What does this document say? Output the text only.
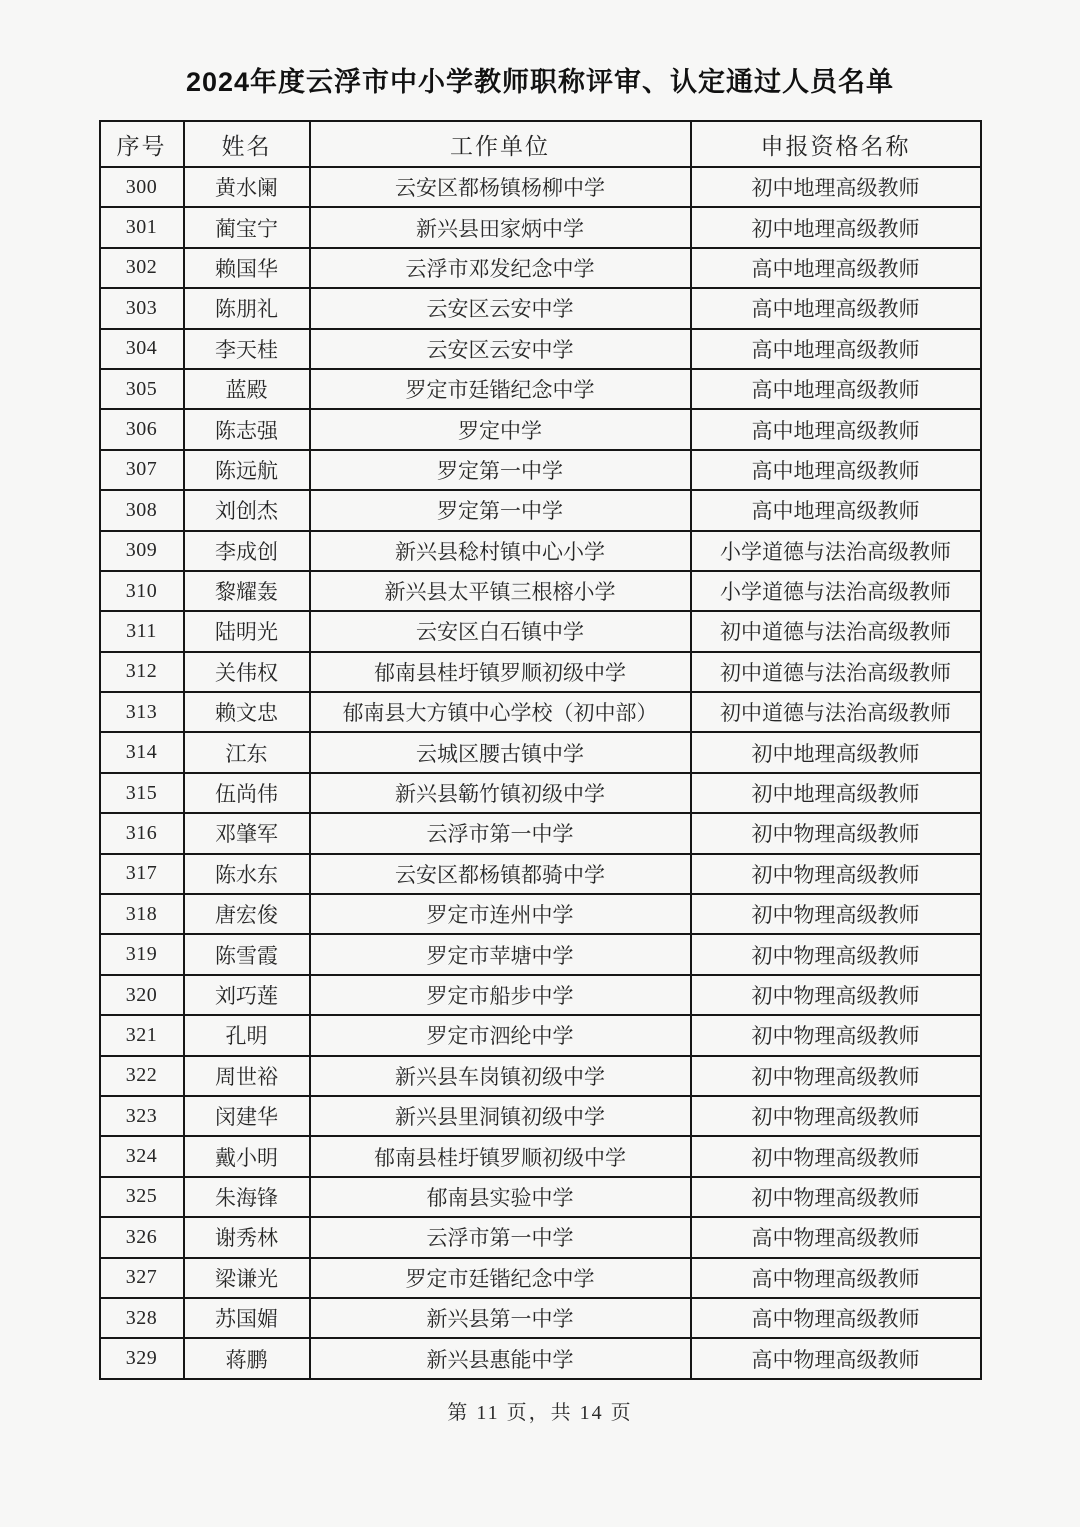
2024年度云浮市中小学教师职称评审、认定通过人员名单
序号	姓名	工作单位	申报资格名称
300	黄水阑	云安区都杨镇杨柳中学	初中地理高级教师
301	蔺宝宁	新兴县田家炳中学	初中地理高级教师
302	赖国华	云浮市邓发纪念中学	高中地理高级教师
303	陈朋礼	云安区云安中学	高中地理高级教师
304	李天桂	云安区云安中学	高中地理高级教师
305	蓝殿	罗定市廷锴纪念中学	高中地理高级教师
306	陈志强	罗定中学	高中地理高级教师
307	陈远航	罗定第一中学	高中地理高级教师
308	刘创杰	罗定第一中学	高中地理高级教师
309	李成创	新兴县稔村镇中心小学	小学道德与法治高级教师
310	黎耀轰	新兴县太平镇三根榕小学	小学道德与法治高级教师
311	陆明光	云安区白石镇中学	初中道德与法治高级教师
312	关伟权	郁南县桂圩镇罗顺初级中学	初中道德与法治高级教师
313	赖文忠	郁南县大方镇中心学校（初中部）	初中道德与法治高级教师
314	江东	云城区腰古镇中学	初中地理高级教师
315	伍尚伟	新兴县簕竹镇初级中学	初中地理高级教师
316	邓肇军	云浮市第一中学	初中物理高级教师
317	陈水东	云安区都杨镇都骑中学	初中物理高级教师
318	唐宏俊	罗定市连州中学	初中物理高级教师
319	陈雪霞	罗定市苹塘中学	初中物理高级教师
320	刘巧莲	罗定市船步中学	初中物理高级教师
321	孔明	罗定市泗纶中学	初中物理高级教师
322	周世裕	新兴县车岗镇初级中学	初中物理高级教师
323	闵建华	新兴县里洞镇初级中学	初中物理高级教师
324	戴小明	郁南县桂圩镇罗顺初级中学	初中物理高级教师
325	朱海锋	郁南县实验中学	初中物理高级教师
326	谢秀林	云浮市第一中学	高中物理高级教师
327	梁谦光	罗定市廷锴纪念中学	高中物理高级教师
328	苏国媚	新兴县第一中学	高中物理高级教师
329	蒋鹏	新兴县惠能中学	高中物理高级教师
第 11 页，共 14 页
